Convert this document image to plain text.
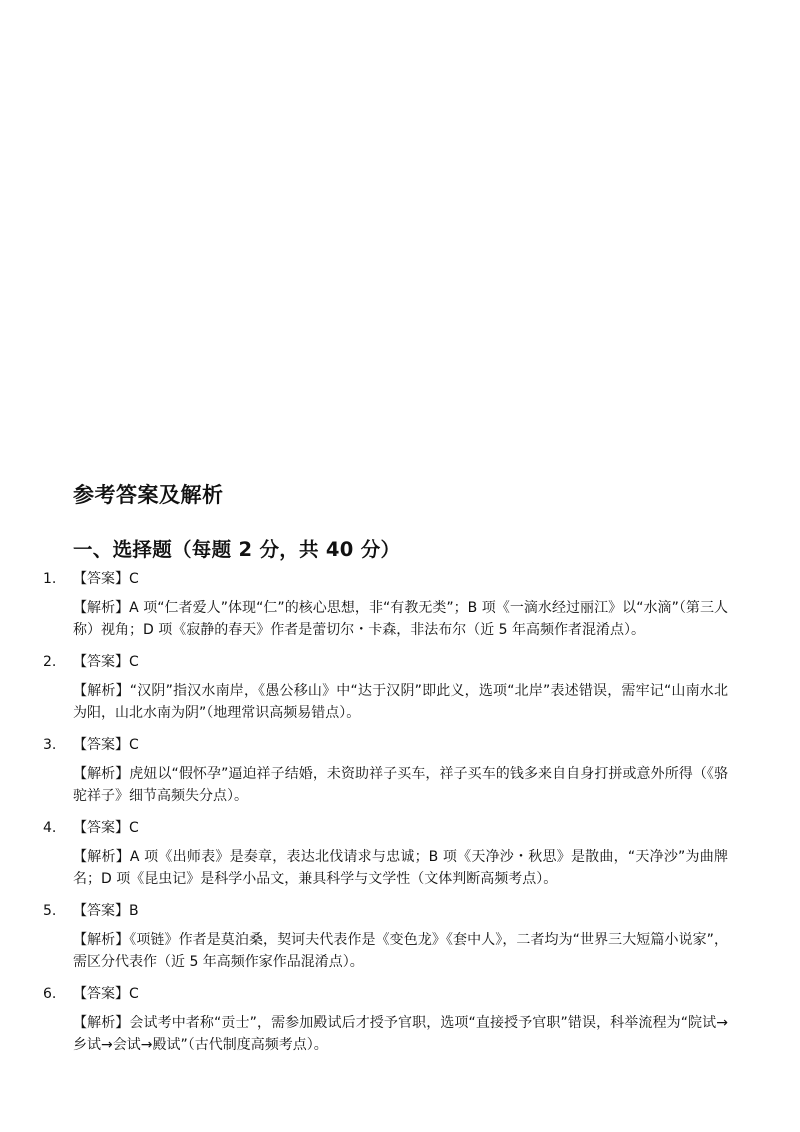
参考答案及解析
一、选择题（每题 2 分，共 40 分）
1.	【答案】C
【解析】A 项“仁者爱人”体现“仁”的核心思想，非“有教无类”；B 项《一滴水经过丽江》以“水滴”（第三人称）视角；D 项《寂静的春天》作者是蕾切尔・卡森，非法布尔（近 5 年高频作者混淆点）。
2.	【答案】C
【解析】“汉阴”指汉水南岸，《愚公移山》中“达于汉阴”即此义，选项“北岸”表述错误，需牢记“山南水北为阳，山北水南为阴”（地理常识高频易错点）。
3.	【答案】C
【解析】虎妞以“假怀孕”逼迫祥子结婚，未资助祥子买车，祥子买车的钱多来自自身打拼或意外所得（《骆驼祥子》细节高频失分点）。
4.	【答案】C
【解析】A 项《出师表》是奏章，表达北伐请求与忠诚；B 项《天净沙・秋思》是散曲，“天净沙”为曲牌名；D 项《昆虫记》是科学小品文，兼具科学与文学性（文体判断高频考点）。
5.	【答案】B
【解析】《项链》作者是莫泊桑，契诃夫代表作是《变色龙》《套中人》，二者均为“世界三大短篇小说家”，需区分代表作（近 5 年高频作家作品混淆点）。
6.	【答案】C
【解析】会试考中者称“贡士”，需参加殿试后才授予官职，选项“直接授予官职”错误，科举流程为“院试→乡试→会试→殿试”（古代制度高频考点）。
